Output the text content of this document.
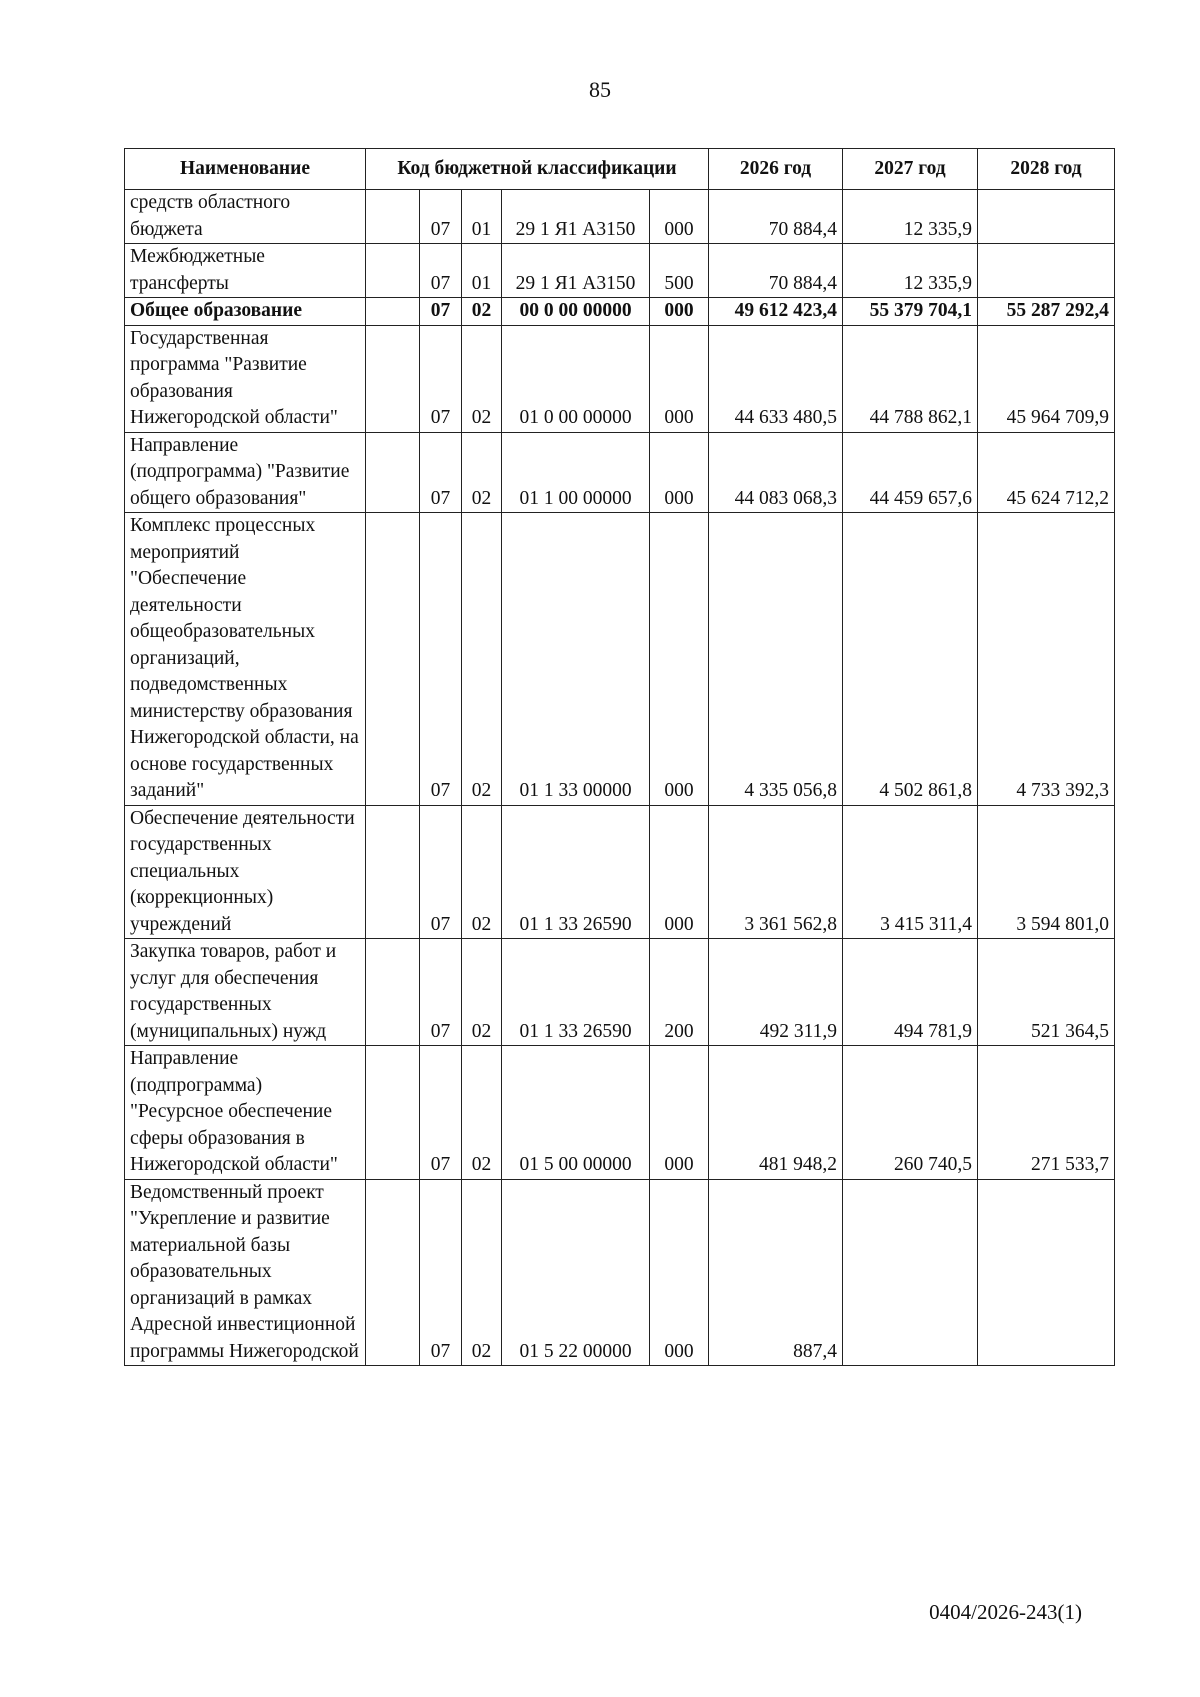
85
Наименование	Код бюджетной классификации					2026 год	2027 год	2028 год
средств областного бюджета		07	01	29 1 Я1 А3150	000	70 884,4	12 335,9	
Межбюджетные трансферты		07	01	29 1 Я1 А3150	500	70 884,4	12 335,9	
Общее образование		07	02	00 0 00 00000	000	49 612 423,4	55 379 704,1	55 287 292,4
Государственная программа "Развитие образования Нижегородской области"		07	02	01 0 00 00000	000	44 633 480,5	44 788 862,1	45 964 709,9
Направление (подпрограмма) "Развитие общего образования"		07	02	01 1 00 00000	000	44 083 068,3	44 459 657,6	45 624 712,2
Комплекс процессных мероприятий "Обеспечение деятельности общеобразовательных организаций, подведомственных министерству образования Нижегородской области, на основе государственных заданий"		07	02	01 1 33 00000	000	4 335 056,8	4 502 861,8	4 733 392,3
Обеспечение деятельности государственных специальных (коррекционных) учреждений		07	02	01 1 33 26590	000	3 361 562,8	3 415 311,4	3 594 801,0
Закупка товаров, работ и услуг для обеспечения государственных (муниципальных) нужд		07	02	01 1 33 26590	200	492 311,9	494 781,9	521 364,5
Направление (подпрограмма) "Ресурсное обеспечение сферы образования в Нижегородской области"		07	02	01 5 00 00000	000	481 948,2	260 740,5	271 533,7
Ведомственный проект "Укрепление и развитие материальной базы образовательных организаций в рамках Адресной инвестиционной программы Нижегородской		07	02	01 5 22 00000	000	887,4		
0404/2026-243(1)
